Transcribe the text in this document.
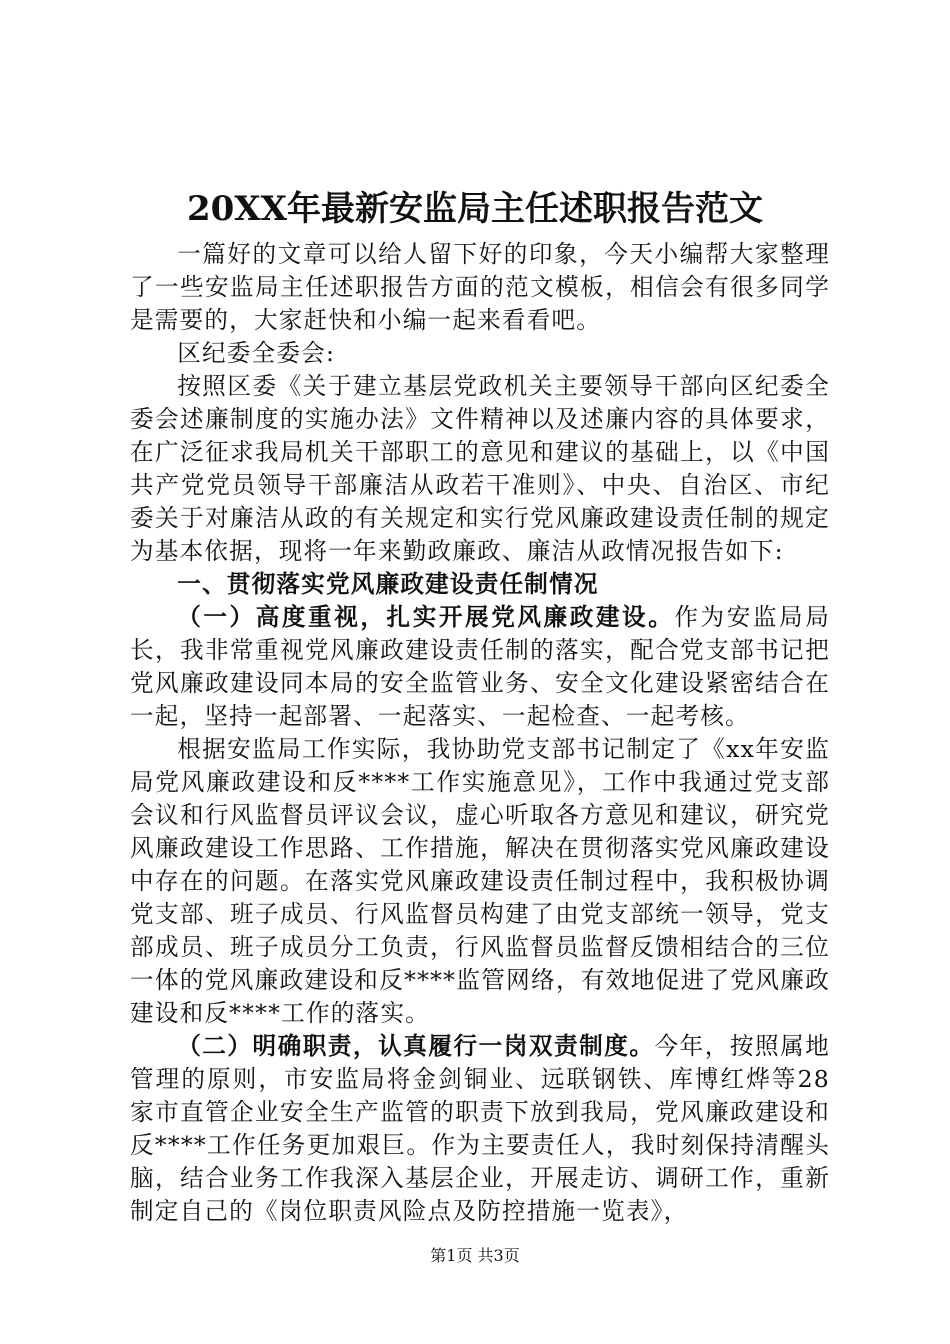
20XX年最新安监局主任述职报告范文

一篇好的文章可以给人留下好的印象，今天小编帮大家整理了一些安监局主任述职报告方面的范文模板，相信会有很多同学是需要的，大家赶快和小编一起来看看吧。

区纪委全委会:

按照区委《关于建立基层党政机关主要领导干部向区纪委全委会述廉制度的实施办法》文件精神以及述廉内容的具体要求，在广泛征求我局机关干部职工的意见和建议的基础上，以《中国共产党党员领导干部廉洁从政若干准则》、中央、自治区、市纪委关于对廉洁从政的有关规定和实行党风廉政建设责任制的规定为基本依据，现将一年来勤政廉政、廉洁从政情况报告如下:

一、贯彻落实党风廉政建设责任制情况

（一）高度重视，扎实开展党风廉政建设。作为安监局局长，我非常重视党风廉政建设责任制的落实，配合党支部书记把党风廉政建设同本局的安全监管业务、安全文化建设紧密结合在一起，坚持一起部署、一起落实、一起检查、一起考核。

根据安监局工作实际，我协助党支部书记制定了《xx年安监局党风廉政建设和反****工作实施意见》，工作中我通过党支部会议和行风监督员评议会议，虚心听取各方意见和建议，研究党风廉政建设工作思路、工作措施，解决在贯彻落实党风廉政建设中存在的问题。在落实党风廉政建设责任制过程中，我积极协调党支部、班子成员、行风监督员构建了由党支部统一领导，党支部成员、班子成员分工负责，行风监督员监督反馈相结合的三位一体的党风廉政建设和反****监管网络，有效地促进了党风廉政建设和反****工作的落实。

（二）明确职责，认真履行一岗双责制度。今年，按照属地管理的原则，市安监局将金剑铜业、远联钢铁、库博红烨等28家市直管企业安全生产监管的职责下放到我局，党风廉政建设和反****工作任务更加艰巨。作为主要责任人，我时刻保持清醒头脑，结合业务工作我深入基层企业，开展走访、调研工作，重新制定自己的《岗位职责风险点及防控措施一览表》，

第1页 共3页
